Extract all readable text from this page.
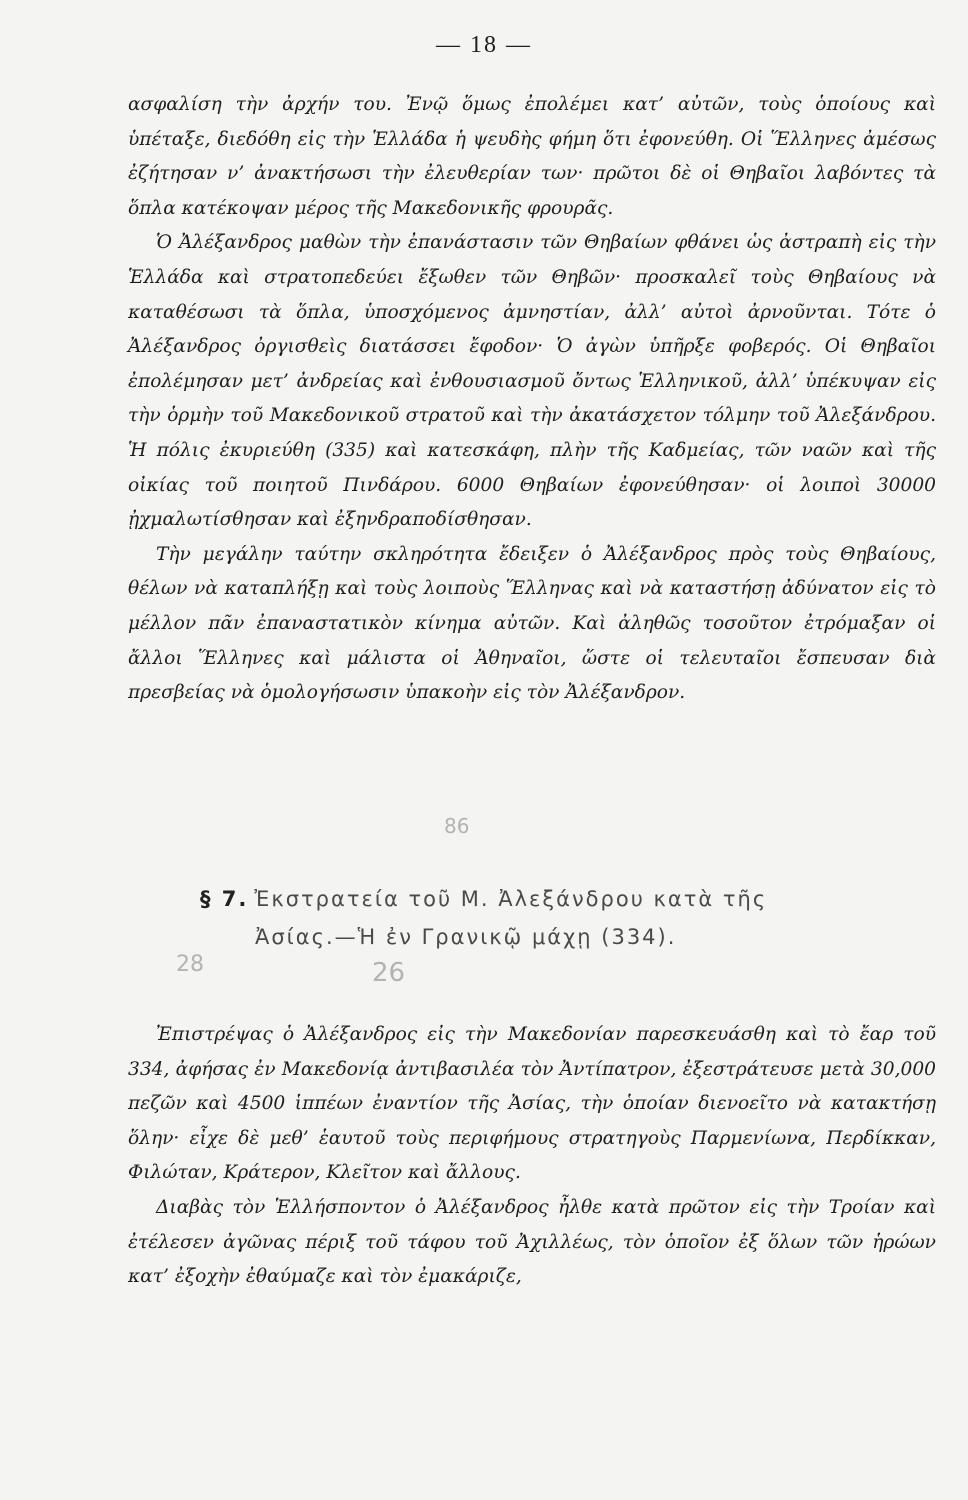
— 18 —

ασφαλίση τὴν ἀρχήν του. Ἐνῷ ὅμως ἐπολέμει κατ’ αὐτῶν, τοὺς ὁποίους καὶ ὑπέταξε, διεδόθη εἰς τὴν Ἑλλάδα ἡ ψευδὴς φήμη ὅτι ἐφονεύθη. Οἱ Ἕλληνες ἀμέσως ἐζήτησαν ν’ ἀνακτήσωσι τὴν ἐλευθερίαν των· πρῶτοι δὲ οἱ Θηβαῖοι λαβόντες τὰ ὅπλα κατέκοψαν μέρος τῆς Μακεδονικῆς φρουρᾶς.

Ὁ Ἀλέξανδρος μαθὼν τὴν ἐπανάστασιν τῶν Θηβαίων φθάνει ὡς ἀστραπὴ εἰς τὴν Ἑλλάδα καὶ στρατοπεδεύει ἔξωθεν τῶν Θηβῶν· προσκαλεῖ τοὺς Θηβαίους νὰ καταθέσωσι τὰ ὅπλα, ὑποσχόμενος ἀμνηστίαν, ἀλλ’ αὐτοὶ ἀρνοῦνται. Τότε ὁ Ἀλέξανδρος ὀργισθεὶς διατάσσει ἔφοδον· Ὁ ἀγὼν ὑπῆρξε φοβερός. Οἱ Θηβαῖοι ἐπολέμησαν μετ’ ἀνδρείας καὶ ἐνθουσιασμοῦ ὄντως Ἑλληνικοῦ, ἀλλ’ ὑπέκυψαν εἰς τὴν ὁρμὴν τοῦ Μακεδονικοῦ στρατοῦ καὶ τὴν ἀκατάσχετον τόλμην τοῦ Ἀλεξάνδρου. Ἡ πόλις ἐκυριεύθη (335) καὶ κατεσκάφη, πλὴν τῆς Καδμείας, τῶν ναῶν καὶ τῆς οἰκίας τοῦ ποιητοῦ Πινδάρου. 6000 Θηβαίων ἐφονεύθησαν· οἱ λοιποὶ 30000 ᾐχμαλωτίσθησαν καὶ ἐξηνδραποδίσθησαν.

Τὴν μεγάλην ταύτην σκληρότητα ἔδειξεν ὁ Ἀλέξανδρος πρὸς τοὺς Θηβαίους, θέλων νὰ καταπλήξῃ καὶ τοὺς λοιποὺς Ἕλληνας καὶ νὰ καταστήσῃ ἀδύνατον εἰς τὸ μέλλον πᾶν ἐπαναστατικὸν κίνημα αὐτῶν. Καὶ ἀληθῶς τοσοῦτον ἐτρόμαξαν οἱ ἄλλοι Ἕλληνες καὶ μάλιστα οἱ Ἀθηναῖοι, ὥστε οἱ τελευταῖοι ἔσπευσαν διὰ πρεσβείας νὰ ὁμολογήσωσιν ὑπακοὴν εἰς τὸν Ἀλέξανδρον.

86
§ 7. Ἐκστρατεία τοῦ Μ. Ἀλεξάνδρου κατὰ τῆς
Ἀσίας.—Ἡ ἐν Γρανικῷ μάχῃ (334).
28	26

Ἐπιστρέψας ὁ Ἀλέξανδρος εἰς τὴν Μακεδονίαν παρεσκευάσθη καὶ τὸ ἔαρ τοῦ 334, ἀφήσας ἐν Μακεδονίᾳ ἀντιβασιλέα τὸν Ἀντίπατρον, ἐξεστράτευσε μετὰ 30,000 πεζῶν καὶ 4500 ἱππέων ἐναντίον τῆς Ἀσίας, τὴν ὁποίαν διενοεῖτο νὰ κατακτήσῃ ὅλην· εἶχε δὲ μεθ’ ἑαυτοῦ τοὺς περιφήμους στρατηγοὺς Παρμενίωνα, Περδίκκαν, Φιλώταν, Κράτερον, Κλεῖτον καὶ ἄλλους.

Διαβὰς τὸν Ἑλλήσποντον ὁ Ἀλέξανδρος ἦλθε κατὰ πρῶτον εἰς τὴν Τροίαν καὶ ἐτέλεσεν ἀγῶνας πέριξ τοῦ τάφου τοῦ Ἀχιλλέως, τὸν ὁποῖον ἐξ ὅλων τῶν ἡρώων κατ’ ἐξοχὴν ἐθαύμαζε καὶ τὸν ἐμακάριζε,
